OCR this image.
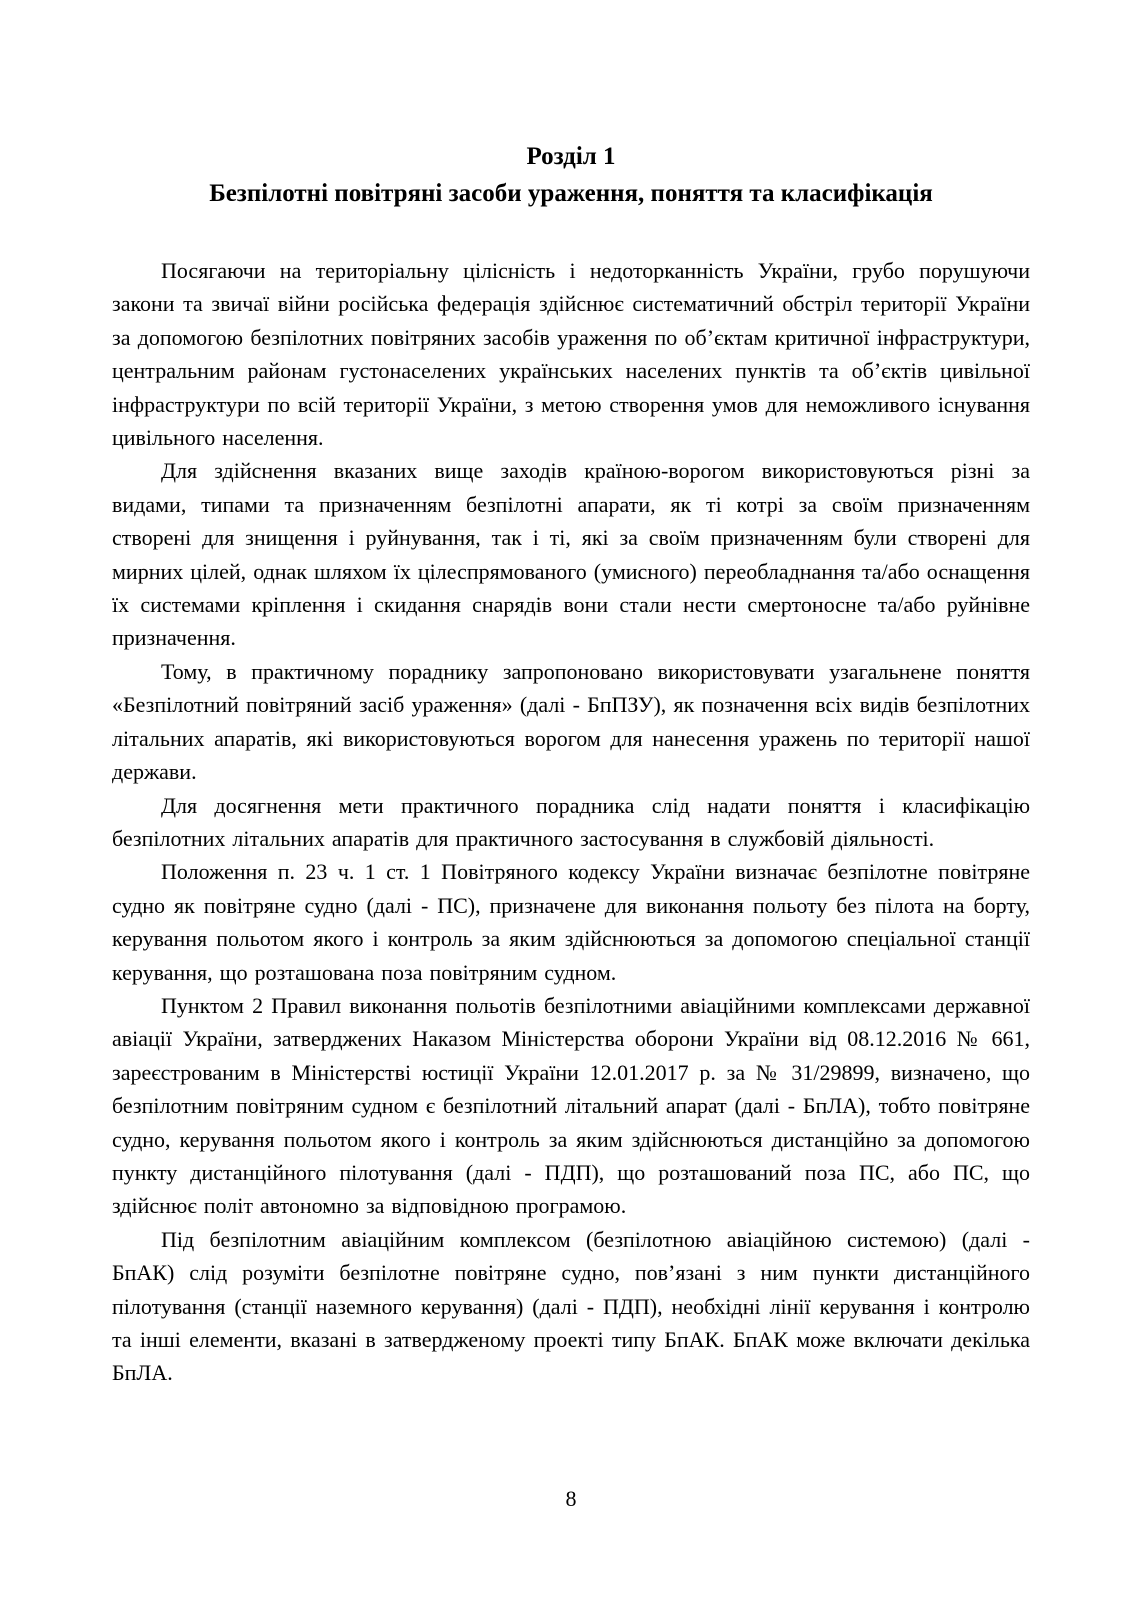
Розділ 1
Безпілотні повітряні засоби ураження, поняття та класифікація

Посягаючи на територіальну цілісність і недоторканність України, грубо порушуючи закони та звичаї війни російська федерація здійснює систематичний обстріл території України за допомогою безпілотних повітряних засобів ураження по об’єктам критичної інфраструктури, центральним районам густонаселених українських населених пунктів та об’єктів цивільної інфраструктури по всій території України, з метою створення умов для неможливого існування цивільного населення.

Для здійснення вказаних вище заходів країною-ворогом використовуються різні за видами, типами та призначенням безпілотні апарати, як ті котрі за своїм призначенням створені для знищення і руйнування, так і ті, які за своїм призначенням були створені для мирних цілей, однак шляхом їх цілеспрямованого (умисного) переобладнання та/або оснащення їх системами кріплення і скидання снарядів вони стали нести смертоносне та/або руйнівне призначення.

Тому, в практичному пораднику запропоновано використовувати узагальнене поняття «Безпілотний повітряний засіб ураження» (далі - БпПЗУ), як позначення всіх видів безпілотних літальних апаратів, які використовуються ворогом для нанесення уражень по території нашої держави.

Для досягнення мети практичного порадника слід надати поняття і класифікацію безпілотних літальних апаратів для практичного застосування в службовій діяльності.

Положення п. 23 ч. 1 ст. 1 Повітряного кодексу України визначає безпілотне повітряне судно як повітряне судно (далі - ПС), призначене для виконання польоту без пілота на борту, керування польотом якого і контроль за яким здійснюються за допомогою спеціальної станції керування, що розташована поза повітряним судном.

Пунктом 2 Правил виконання польотів безпілотними авіаційними комплексами державної авіації України, затверджених Наказом Міністерства оборони України від 08.12.2016 № 661, зареєстрованим в Міністерстві юстиції України 12.01.2017 р. за № 31/29899, визначено, що безпілотним повітряним судном є безпілотний літальний апарат (далі - БпЛА), тобто повітряне судно, керування польотом якого і контроль за яким здійснюються дистанційно за допомогою пункту дистанційного пілотування (далі - ПДП), що розташований поза ПС, або ПС, що здійснює політ автономно за відповідною програмою.

Під безпілотним авіаційним комплексом (безпілотною авіаційною системою) (далі - БпАК) слід розуміти безпілотне повітряне судно, пов’язані з ним пункти дистанційного пілотування (станції наземного керування) (далі - ПДП), необхідні лінії керування і контролю та інші елементи, вказані в затвердженому проекті типу БпАК. БпАК може включати декілька БпЛА.

8
